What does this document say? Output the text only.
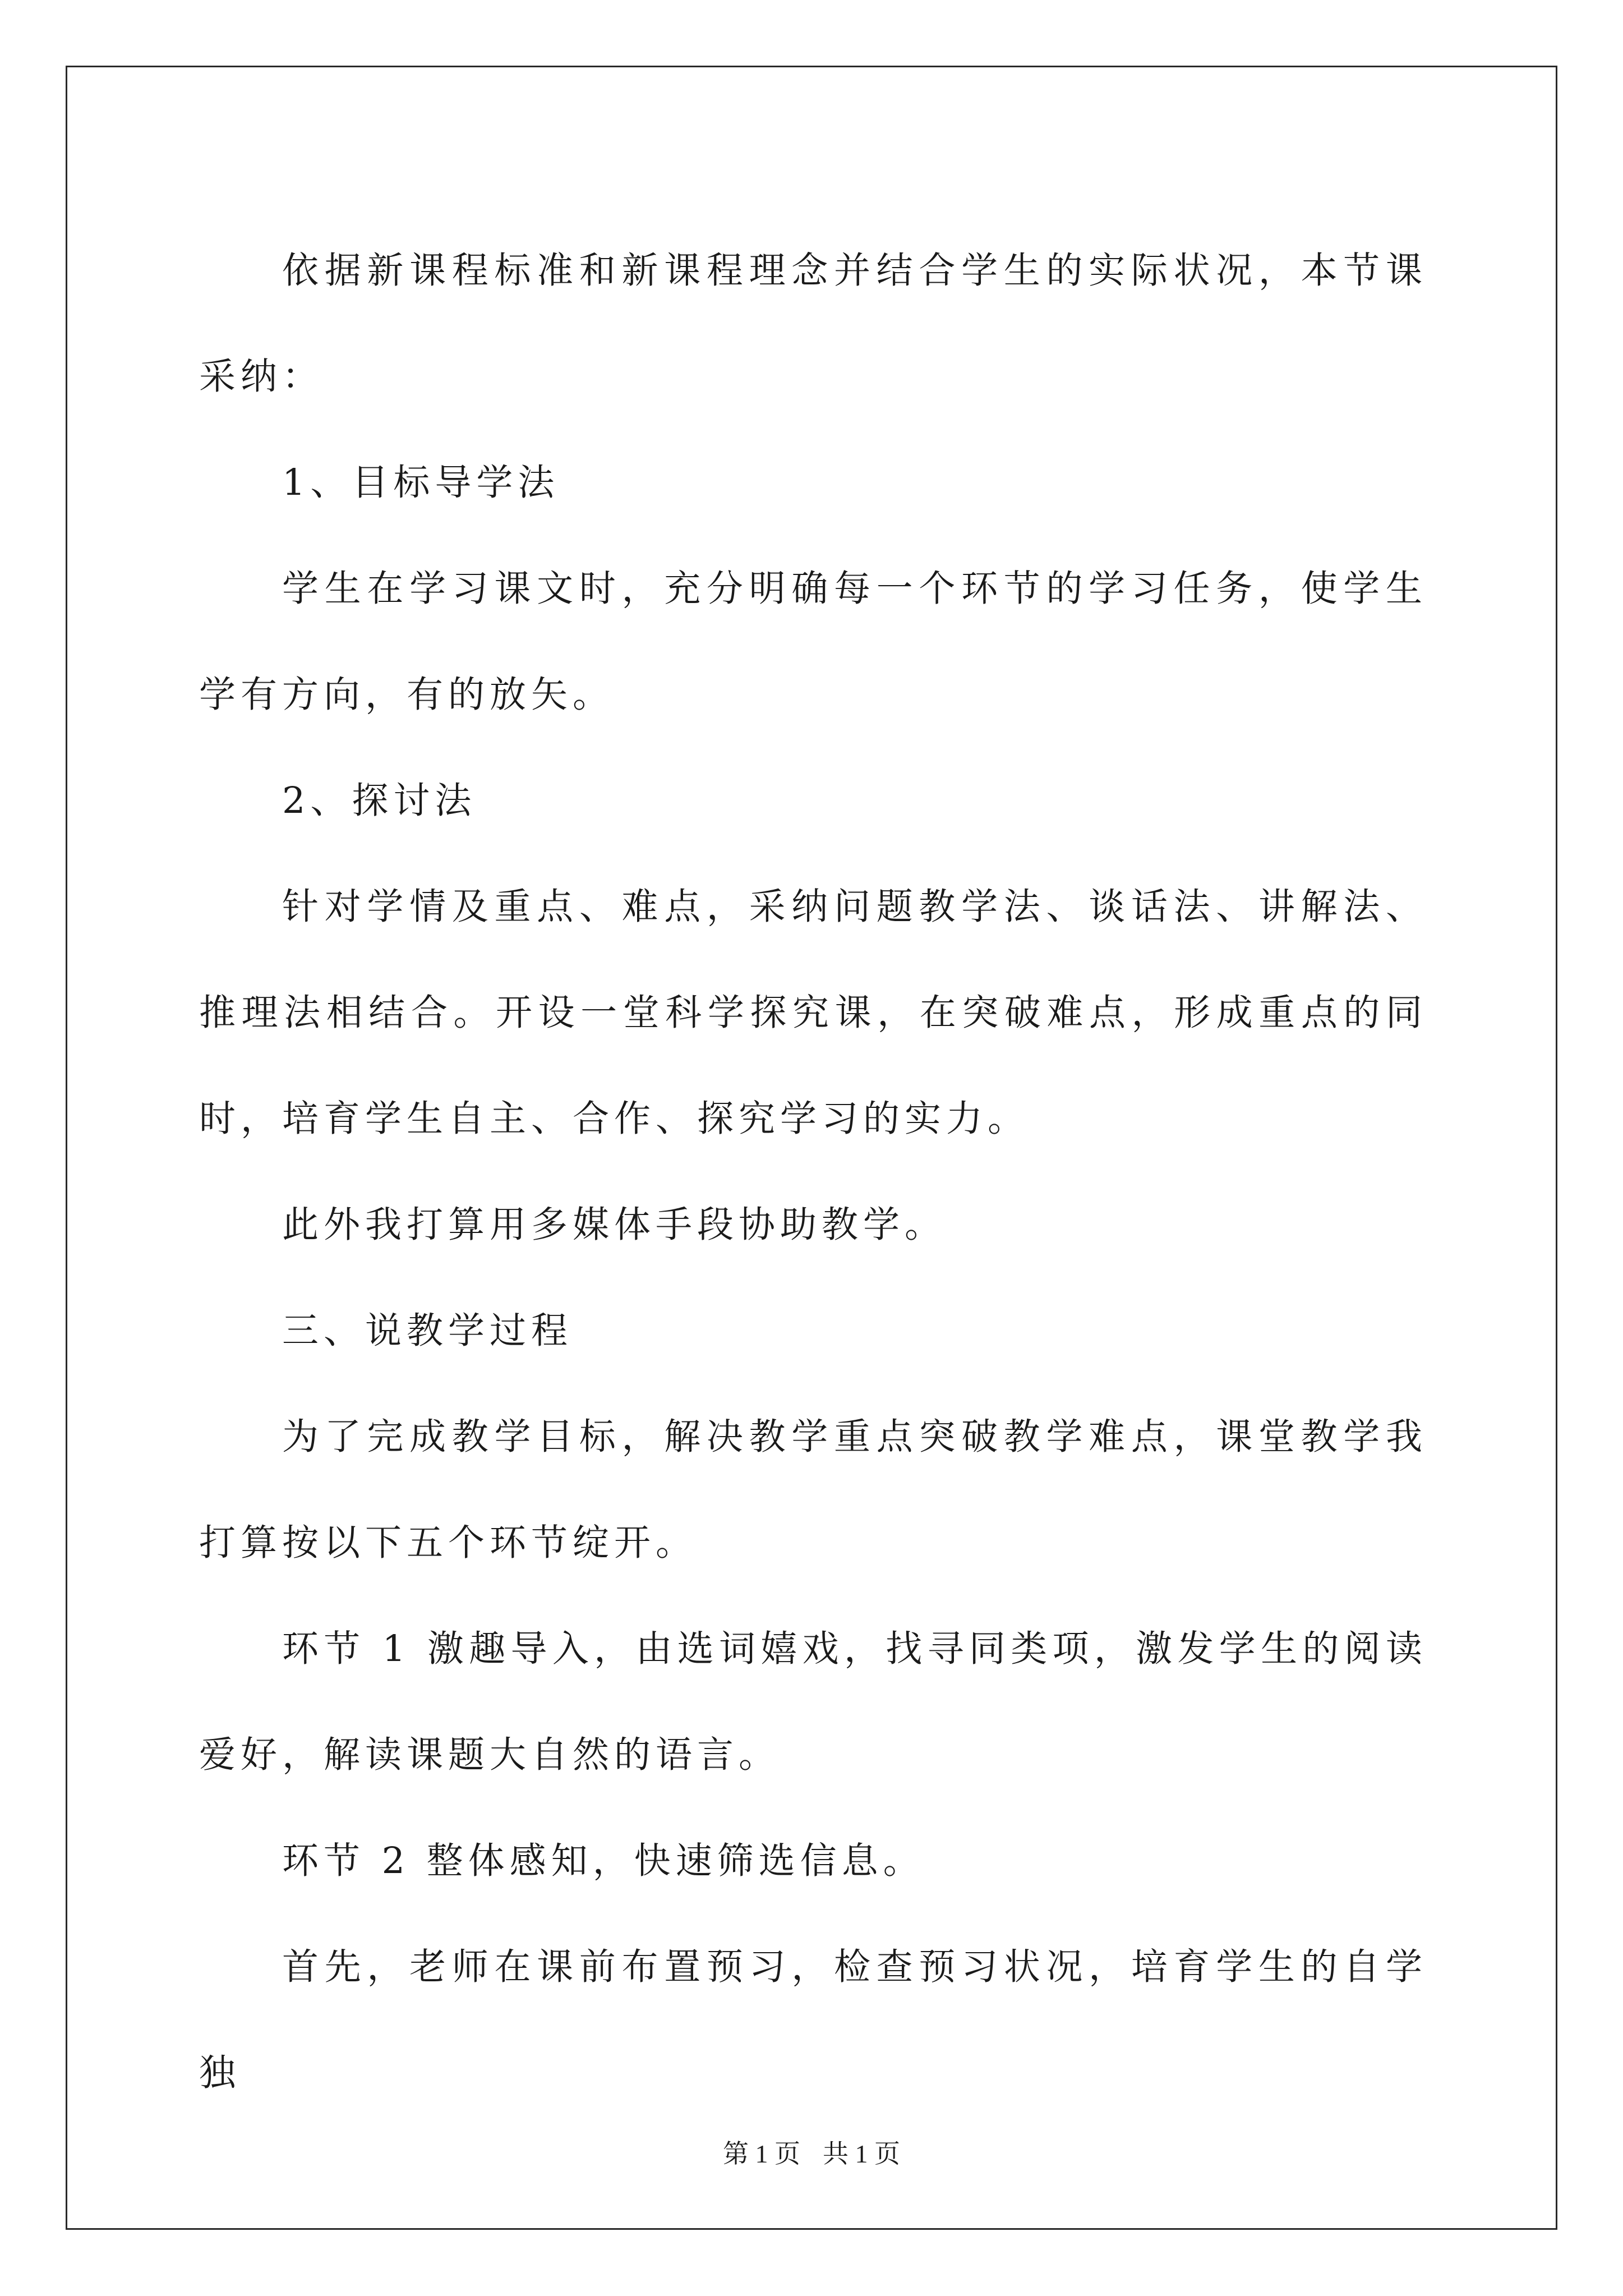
依据新课程标准和新课程理念并结合学生的实际状况，本节课采纳：

1、目标导学法

学生在学习课文时，充分明确每一个环节的学习任务，使学生学有方向，有的放矢。

2、探讨法

针对学情及重点、难点，采纳问题教学法、谈话法、讲解法、推理法相结合。开设一堂科学探究课，在突破难点，形成重点的同时，培育学生自主、合作、探究学习的实力。

此外我打算用多媒体手段协助教学。

三、说教学过程

为了完成教学目标，解决教学重点突破教学难点，课堂教学我打算按以下五个环节绽开。

环节 1 激趣导入，由选词嬉戏，找寻同类项，激发学生的阅读爱好，解读课题大自然的语言。

环节 2 整体感知，快速筛选信息。

首先，老师在课前布置预习，检查预习状况，培育学生的自学独

第 1 页 共 1 页
